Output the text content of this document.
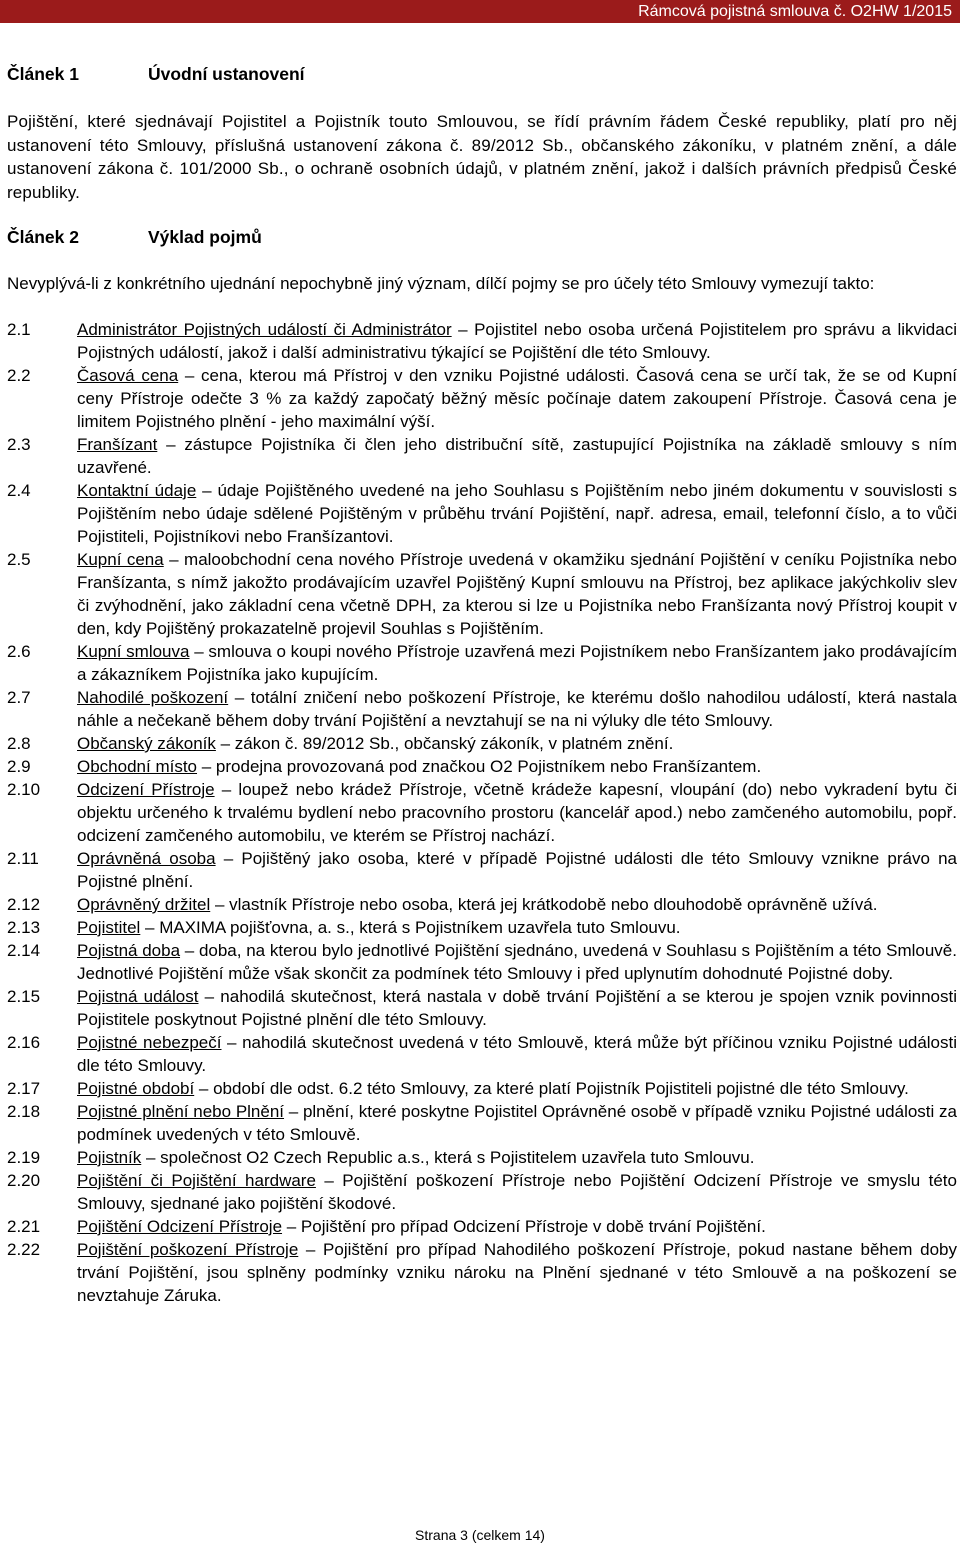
Rámcová pojistná smlouva č. O2HW 1/2015
Článek 1	Úvodní ustanovení

Pojištění, které sjednávají Pojistitel a Pojistník touto Smlouvou, se řídí právním řádem České republiky, platí pro něj ustanovení této Smlouvy, příslušná ustanovení zákona č. 89/2012 Sb., občanského zákoníku, v platném znění, a dále ustanovení zákona č. 101/2000 Sb., o ochraně osobních údajů, v platném znění, jakož i dalších právních předpisů České republiky.

Článek 2	Výklad pojmů

Nevyplývá-li z konkrétního ujednání nepochybně jiný význam, dílčí pojmy se pro účely této Smlouvy vymezují takto:

2.1	Administrátor Pojistných událostí či Administrátor – Pojistitel nebo osoba určená Pojistitelem pro správu a likvidaci Pojistných událostí, jakož i další administrativu týkající se Pojištění dle této Smlouvy.
2.2	Časová cena – cena, kterou má Přístroj v den vzniku Pojistné události. Časová cena se určí tak, že se od Kupní ceny Přístroje odečte 3 % za každý započatý běžný měsíc počínaje datem zakoupení Přístroje. Časová cena je limitem Pojistného plnění - jeho maximální výší.
2.3	Franšízant – zástupce Pojistníka či člen jeho distribuční sítě, zastupující Pojistníka na základě smlouvy s ním uzavřené.
2.4	Kontaktní údaje – údaje Pojištěného uvedené na jeho Souhlasu s Pojištěním nebo jiném dokumentu v souvislosti s Pojištěním nebo údaje sdělené Pojištěným v průběhu trvání Pojištění, např. adresa, email, telefonní číslo, a to vůči Pojistiteli, Pojistníkovi nebo Franšízantovi.
2.5	Kupní cena – maloobchodní cena nového Přístroje uvedená v okamžiku sjednání Pojištění v ceníku Pojistníka nebo Franšízanta, s nímž jakožto prodávajícím uzavřel Pojištěný Kupní smlouvu na Přístroj, bez aplikace jakýchkoliv slev či zvýhodnění, jako základní cena včetně DPH, za kterou si lze u Pojistníka nebo Franšízanta nový Přístroj koupit v den, kdy Pojištěný prokazatelně projevil Souhlas s Pojištěním.
2.6	Kupní smlouva – smlouva o koupi nového Přístroje uzavřená mezi Pojistníkem nebo Franšízantem jako prodávajícím a zákazníkem Pojistníka jako kupujícím.
2.7	Nahodilé poškození – totální zničení nebo poškození Přístroje, ke kterému došlo nahodilou událostí, která nastala náhle a nečekaně během doby trvání Pojištění a nevztahují se na ni výluky dle této Smlouvy.
2.8	Občanský zákoník – zákon č. 89/2012 Sb., občanský zákoník, v platném znění.
2.9	Obchodní místo – prodejna provozovaná pod značkou O2 Pojistníkem nebo Franšízantem.
2.10	Odcizení Přístroje – loupež nebo krádež Přístroje, včetně krádeže kapesní, vloupání (do) nebo vykradení bytu či objektu určeného k trvalému bydlení nebo pracovního prostoru (kancelář apod.) nebo zamčeného automobilu, popř. odcizení zamčeného automobilu, ve kterém se Přístroj nachází.
2.11	Oprávněná osoba – Pojištěný jako osoba, které v případě Pojistné události dle této Smlouvy vznikne právo na Pojistné plnění.
2.12	Oprávněný držitel – vlastník Přístroje nebo osoba, která jej krátkodobě nebo dlouhodobě oprávněně užívá.
2.13	Pojistitel – MAXIMA pojišťovna, a. s., která s Pojistníkem uzavřela tuto Smlouvu.
2.14	Pojistná doba – doba, na kterou bylo jednotlivé Pojištění sjednáno, uvedená v Souhlasu s Pojištěním a této Smlouvě. Jednotlivé Pojištění může však skončit za podmínek této Smlouvy i před uplynutím dohodnuté Pojistné doby.
2.15	Pojistná událost – nahodilá skutečnost, která nastala v době trvání Pojištění a se kterou je spojen vznik povinnosti Pojistitele poskytnout Pojistné plnění dle této Smlouvy.
2.16	Pojistné nebezpečí – nahodilá skutečnost uvedená v této Smlouvě, která může být příčinou vzniku Pojistné události dle této Smlouvy.
2.17	Pojistné období – období dle odst. 6.2 této Smlouvy, za které platí Pojistník Pojistiteli pojistné dle této Smlouvy.
2.18	Pojistné plnění nebo Plnění – plnění, které poskytne Pojistitel Oprávněné osobě v případě vzniku Pojistné události za podmínek uvedených v této Smlouvě.
2.19	Pojistník – společnost O2 Czech Republic a.s., která s Pojistitelem uzavřela tuto Smlouvu.
2.20	Pojištění či Pojištění hardware – Pojištění poškození Přístroje nebo Pojištění Odcizení Přístroje ve smyslu této Smlouvy, sjednané jako pojištění škodové.
2.21	Pojištění Odcizení Přístroje – Pojištění pro případ Odcizení Přístroje v době trvání Pojištění.
2.22	Pojištění poškození Přístroje – Pojištění pro případ Nahodilého poškození Přístroje, pokud nastane během doby trvání Pojištění, jsou splněny podmínky vzniku nároku na Plnění sjednané v této Smlouvě a na poškození se nevztahuje Záruka.
Strana 3 (celkem 14)
